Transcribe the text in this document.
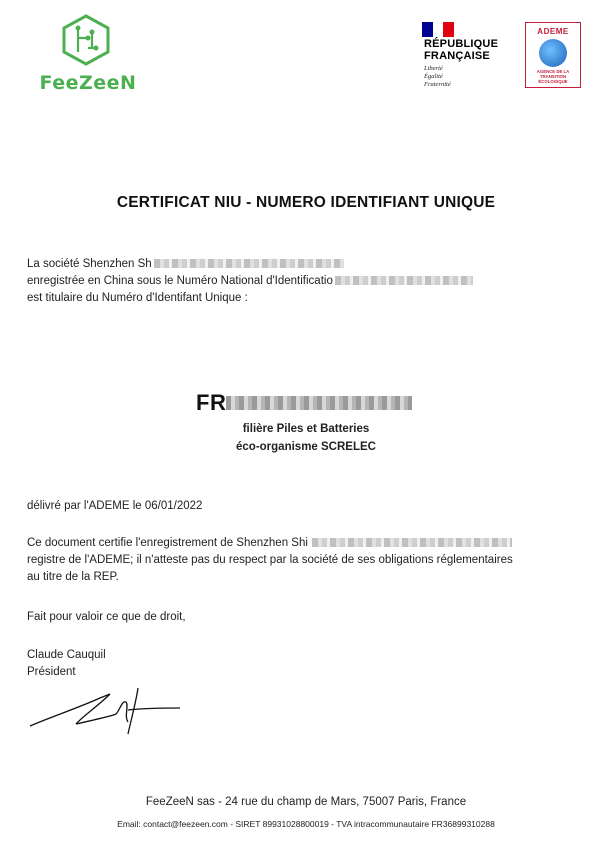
FeeZeeN
RÉPUBLIQUE
FRANÇAISE
Liberté
Égalité
Fraternité
ADEME
AGENCE DE LA TRANSITION ÉCOLOGIQUE
CERTIFICAT NIU - NUMERO IDENTIFIANT UNIQUE
La société Shenzhen Sh
enregistrée en China sous le Numéro National d'Identificatio
est titulaire du Numéro d'Identifant Unique :
FR
filière Piles et Batteries
éco-organisme SCRELEC
délivré par l'ADEME le 06/01/2022
Ce document certifie l'enregistrement de Shenzhen Shi
registre de l'ADEME; il n'atteste pas du respect par la société de ses obligations réglementaires
au titre de la REP.
Fait pour valoir ce que de droit,
Claude Cauquil
Président
FeeZeeN sas - 24 rue du champ de Mars, 75007 Paris, France
Email: contact@feezeen.com - SIRET 89931028800019 - TVA intracommunautaire FR36899310288
